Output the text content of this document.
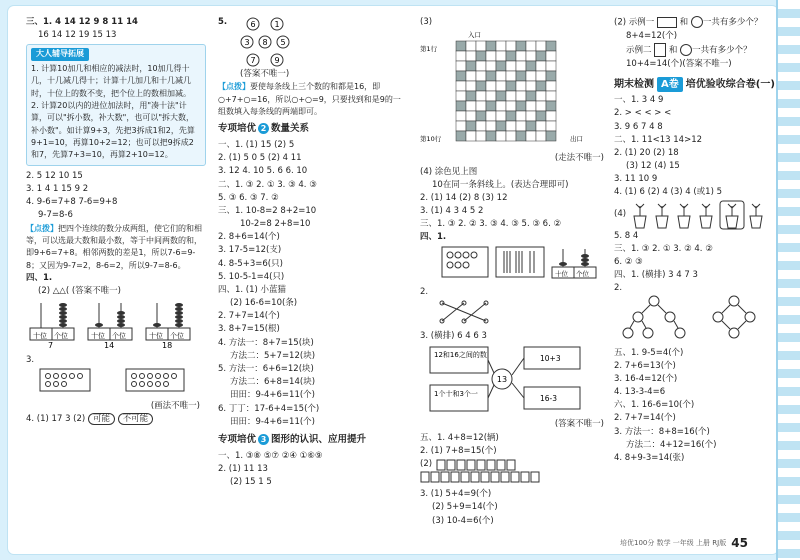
三、1. 4 14 12 9 8 11 14
16 14 12 19 15 13
大人辅导拓展
1. 计算10加几和相应的减法时，10加几得十几，十几减几得十；计算十几加几和十几减几时，十位上的数不变，把个位上的数相加减。
2. 计算20以内的进位加法时，用"凑十法"计算，可以"拆小数，补大数"，也可以"拆大数，补小数"。如计算9+3，先把3拆成1和2，先算9+1=10，再算10+2=12；也可以把9拆成2和7，先算7+3=10，再算2+10=12。
2. 5 12 10 15
3. 1 4 1 15 9 2
4. 9-6=7+8 7-6=9+8
9-7=8-6
【点拨】把四个连续的数分成两组，使它们的和相等，可以选最大数和最小数，等于中间两数的和，即9+6=7+8。相邻两数的差是1，所以7-6=9-8；又因为9-7=2，8-6=2，所以9-7=8-6。
四、1.
(2) △△( (答案不唯一)
十位 个位	十位 个位	十位 个位
7	14	18
3.
(画法不唯一)
4. (1) 17 3 (2) 可能 不可能
5.
8
6 1
3	5
7 9
(答案不唯一)
【点拨】要使每条线上三个数的和都是16，即○+7+○=16，所以○+○=9，只要找到和是9的一组数填入每条线的两端即可。
专项培优 2 数量关系
一、1. (1) 15 (2) 5
2. (1) 5 0 5 (2) 4 11
3. 12 4. 10 5. 6 6. 10
二、1. ③ 2. ① 3. ③ 4. ③
5. ③ 6. ③ 7. ②
三、1. 10-8=2 8+2=10
10-2=8 2+8=10
2. 8+6=14(个)
3. 17-5=12(支)
4. 8-5+3=6(只)
5. 10-5-1=4(只)
四、1. (1) 小蓝猫
(2) 16-6=10(条)
2. 7+7=14(个)
3. 8+7=15(根)
4. 方法一：8+7=15(块)
方法二：5+7=12(块)
5. 方法一：6+6=12(块)
方法二：6+8=14(块)
田田：9-4+6=11(个)
6. 丁丁：17-6+4=15(个)
田田：9-4+6=11(个)
专项培优 3 图形的认识、应用提升
一、1. ③⑧ ⑤⑦ ②④ ①⑥⑨
2. (1) 11 13
(2) 15 1 5
(3)
入口
第1行
第10行	出口
(走法不唯一)
(4) 涂色见上图
10在同一条斜线上。(表达合理即可)
2. (1) 14 (2) 8 (3) 12
3. (1) 4 3 4 5 2
三、1. ③ 2. ② 3. ③ 4. ③ 5. ③ 6. ②
四、1.
十位 个位
2.
3. (横排) 6 4 6 3
12和16之间的数
13
10+3
1个十和3个一	16-3
(答案不唯一)
五、1. 4+8=12(辆)
2. (1) 7+8=15(个)
(2)
3. (1) 5+4=9(个)
(2) 5+9=14(个)
(3) 10-4=6(个)
(2) 示例一	和 一共有多少个？
8+4=12(个)
示例二 和 一共有多少个？
10+4=14(个)(答案不唯一)
期末检测 A卷 培优验收综合卷(一)
一、1. 3 4 9
2. > < < > <
3. 9 6 7 4 8
二、1. 11<13 14>12
2. (1) 20 (2) 18
(3) 12 (4) 15
3. 11 10 9
4. (1) 6 (2) 4 (3) 4 (或1) 5
(4)
5. 8 4
三、1. ③ 2. ① 3. ② 4. ②
6. ② ③
四、1. (横排) 3 4 7 3
2.
五、1. 9-5=4(个)
2. 7+6=13(个)
3. 16-4=12(个)
4. 13-3-4=6
六、1. 16-6=10(个)
2. 7+7=14(个)
3. 方法一：8+8=16(个)
方法二：4+12=16(个)
4. 8+9-3=14(张)
培优100分 数学 一年级 上册 RJ版 45
